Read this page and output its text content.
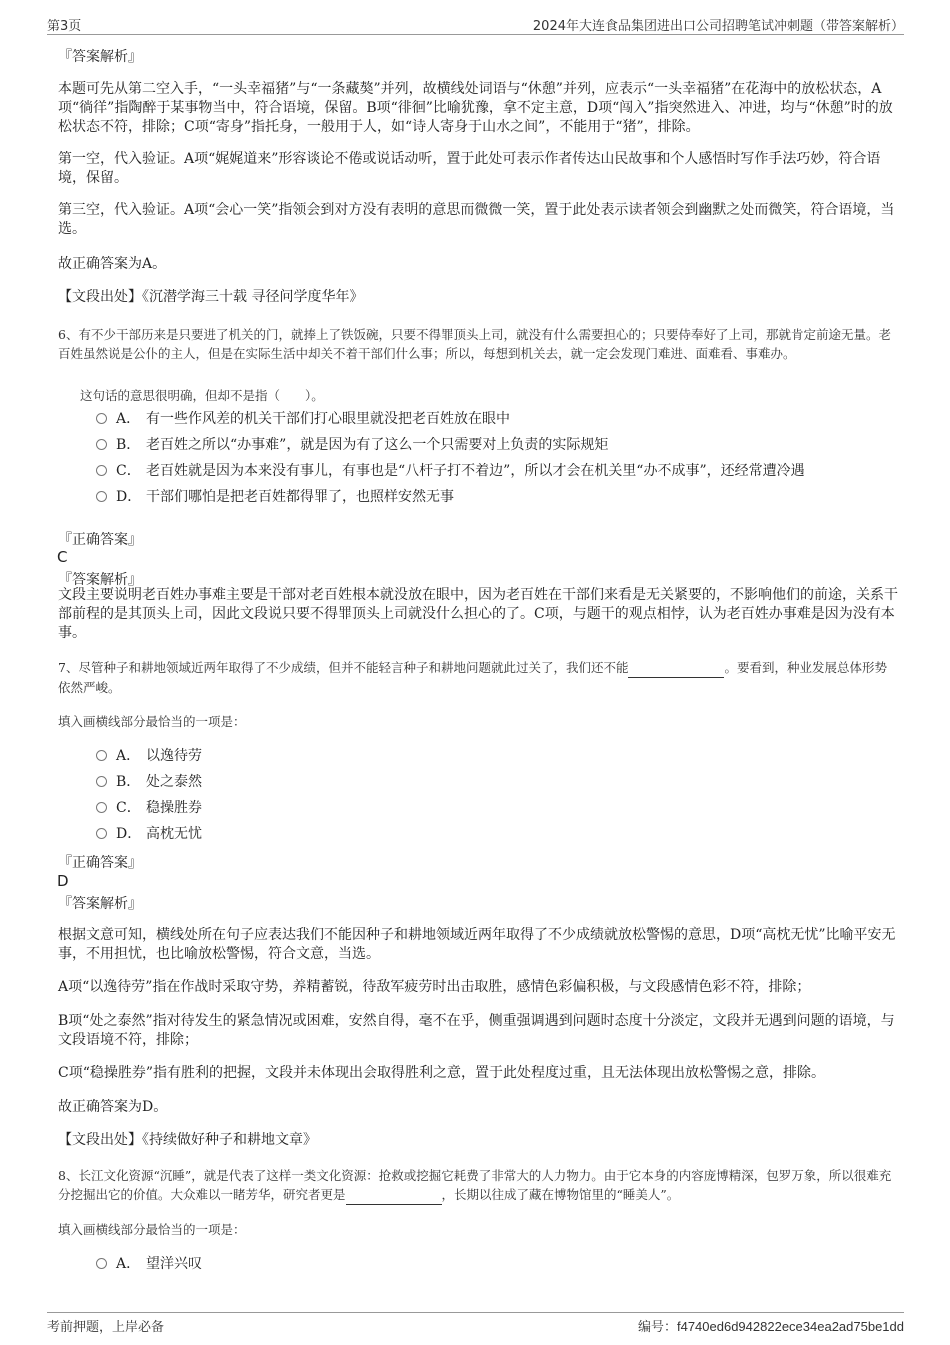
第3页	2024年大连食品集团进出口公司招聘笔试冲刺题（带答案解析）
『答案解析』

本题可先从第二空入手，“一头幸福猪”与“一条藏獒”并列，故横线处词语与“休憩”并列，应表示“一头幸福猪”在花海中的放松状态，A项“徜徉”指陶醉于某事物当中，符合语境，保留。B项“徘徊”比喻犹豫，拿不定主意，D项“闯入”指突然进入、冲进，均与“休憩”时的放松状态不符，排除；C项“寄身”指托身，一般用于人，如“诗人寄身于山水之间”，不能用于“猪”，排除。

第一空，代入验证。A项“娓娓道来”形容谈论不倦或说话动听，置于此处可表示作者传达山民故事和个人感悟时写作手法巧妙，符合语境，保留。

第三空，代入验证。A项“会心一笑”指领会到对方没有表明的意思而微微一笑，置于此处表示读者领会到幽默之处而微笑，符合语境，当选。

故正确答案为A。
【文段出处】《沉潜学海三十载 寻径问学度华年》

6、有不少干部历来是只要进了机关的门，就捧上了铁饭碗，只要不得罪顶头上司，就没有什么需要担心的；只要侍奉好了上司，那就肯定前途无量。老百姓虽然说是公仆的主人，但是在实际生活中却关不着干部们什么事；所以，每想到机关去，就一定会发现门难进、面难看、事难办。

这句话的意思很明确，但却不是指（　　）。
A． 有一些作风差的机关干部们打心眼里就没把老百姓放在眼中
B． 老百姓之所以“办事难”，就是因为有了这么一个只需要对上负责的实际规矩
C． 老百姓就是因为本来没有事儿，有事也是“八杆子打不着边”，所以才会在机关里“办不成事”，还经常遭冷遇
D． 干部们哪怕是把老百姓都得罪了，也照样安然无事
『正确答案』
C
『答案解析』

文段主要说明老百姓办事难主要是干部对老百姓根本就没放在眼中，因为老百姓在干部们来看是无关紧要的，不影响他们的前途，关系干部前程的是其顶头上司，因此文段说只要不得罪顶头上司就没什么担心的了。C项，与题干的观点相悖，认为老百姓办事难是因为没有本事。

7、尽管种子和耕地领域近两年取得了不少成绩，但并不能轻言种子和耕地问题就此过关了，我们还不能	。要看到，种业发展总体形势依然严峻。

填入画横线部分最恰当的一项是：
A． 以逸待劳
B． 处之泰然
C． 稳操胜券
D． 高枕无忧
『正确答案』
D
『答案解析』

根据文意可知，横线处所在句子应表达我们不能因种子和耕地领域近两年取得了不少成绩就放松警惕的意思，D项“高枕无忧”比喻平安无事，不用担忧，也比喻放松警惕，符合文意，当选。

A项“以逸待劳”指在作战时采取守势，养精蓄锐，待敌军疲劳时出击取胜，感情色彩偏积极，与文段感情色彩不符，排除；

B项“处之泰然”指对待发生的紧急情况或困难，安然自得，毫不在乎，侧重强调遇到问题时态度十分淡定，文段并无遇到问题的语境，与文段语境不符，排除；

C项“稳操胜券”指有胜利的把握，文段并未体现出会取得胜利之意，置于此处程度过重，且无法体现出放松警惕之意，排除。

故正确答案为D。
【文段出处】《持续做好种子和耕地文章》

8、长江文化资源“沉睡”，就是代表了这样一类文化资源：抢救或挖掘它耗费了非常大的人力物力。由于它本身的内容庞博精深，包罗万象，所以很难充分挖掘出它的价值。大众难以一睹芳华，研究者更是	，长期以往成了藏在博物馆里的“睡美人”。

填入画横线部分最恰当的一项是：
A． 望洋兴叹
考前押题，上岸必备	编号：f4740ed6d942822ece34ea2ad75be1dd
